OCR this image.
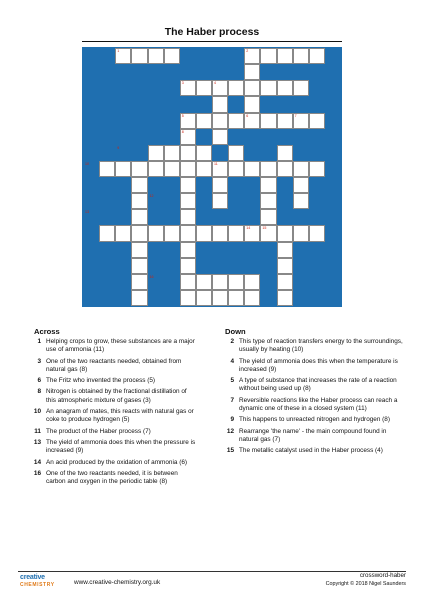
The Haber process
1	2
3	4
5	6	7
8
9
10	11
12
13
14	15
16
Across
1 Helping crops to grow, these substances are a major use of ammonia (11)
3 One of the two reactants needed, obtained from natural gas (8)
6 The Fritz who invented the process (5)
8 Nitrogen is obtained by the fractional distillation of this atmospheric mixture of gases (3)
10 An anagram of mates, this reacts with natural gas or coke to produce hydrogen (5)
11 The product of the Haber process (7)
13 The yield of ammonia does this when the pressure is increased (9)
14 An acid produced by the oxidation of ammonia (6)
16 One of the two reactants needed, it is between carbon and oxygen in the periodic table (8)
Down
2 This type of reaction transfers energy to the surroundings, usually by heating (10)
4 The yield of ammonia does this when the temperature is increased (9)
5 A type of substance that increases the rate of a reaction without being used up (8)
7 Reversible reactions like the Haber process can reach a dynamic one of these in a closed system (11)
9 This happens to unreacted nitrogen and hydrogen (8)
12 Rearrange 'the name' - the main compound found in natural gas (7)
15 The metallic catalyst used in the Haber process (4)
creative
CHEMISTRY	www.creative-chemistry.org.uk
crossword-haber
Copyright © 2018 Nigel Saunders
